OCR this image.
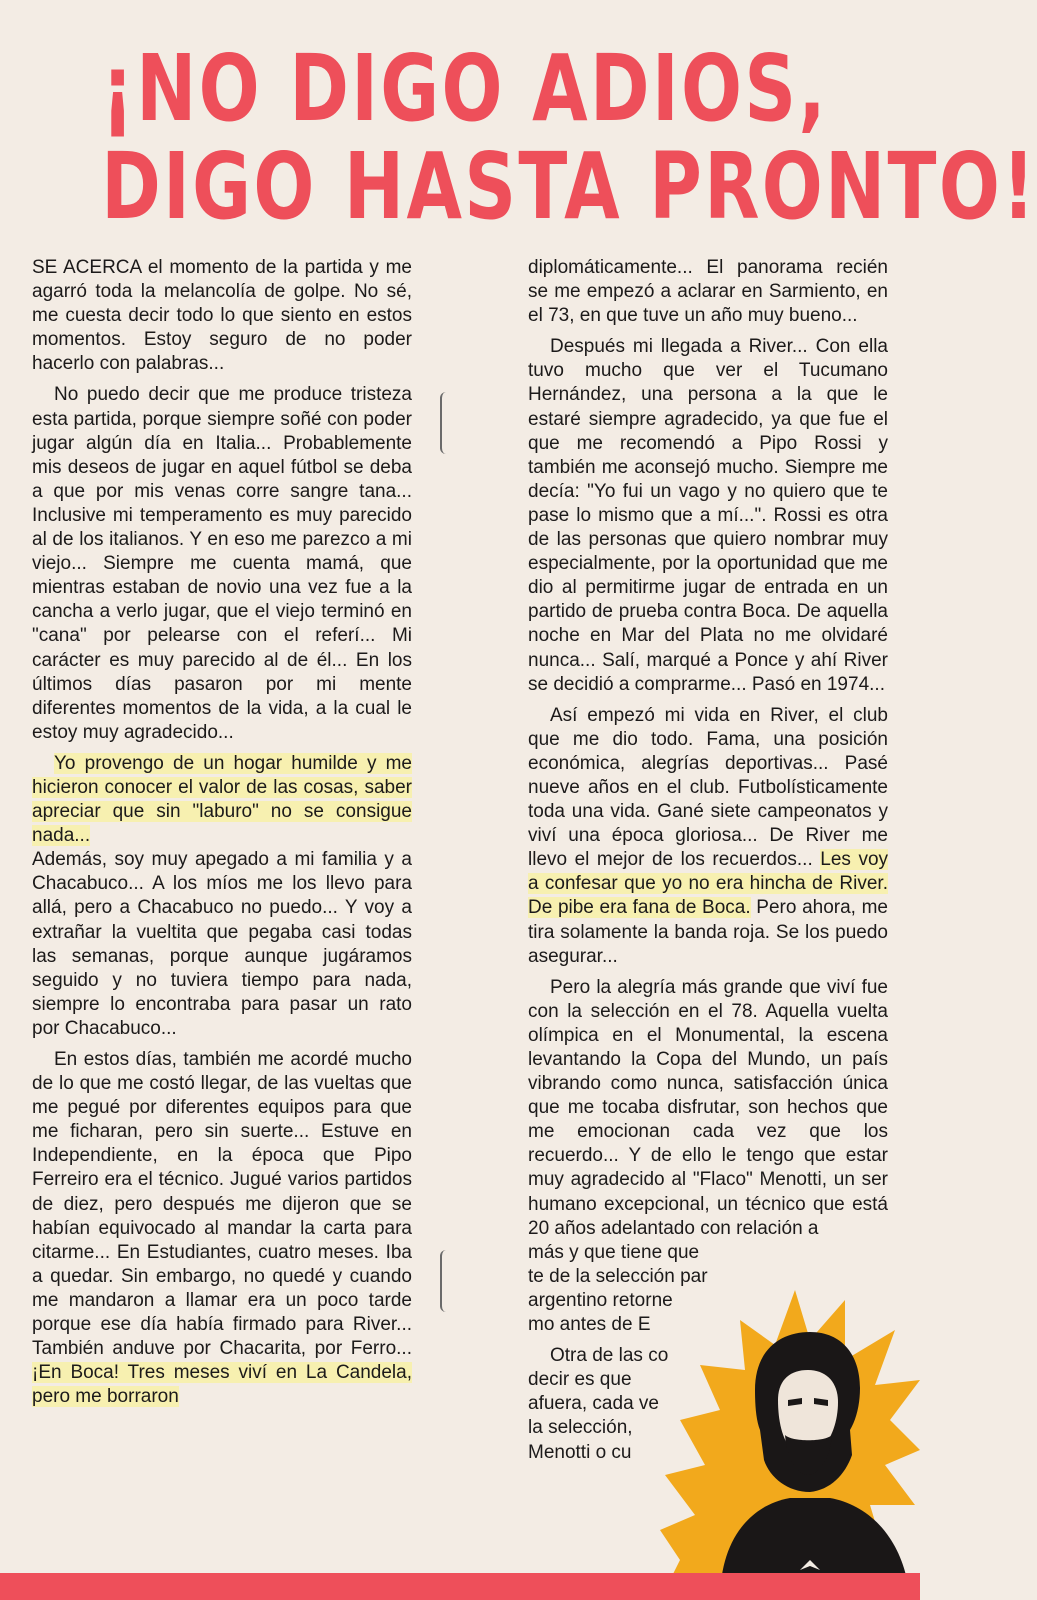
¡NO DIGO ADIOS,
DIGO HASTA PRONTO!

SE ACERCA el momento de la partida y me agarró toda la melancolía de golpe. No sé, me cuesta decir todo lo que siento en estos momentos. Estoy seguro de no poder hacerlo con palabras...

No puedo decir que me produce tristeza esta partida, porque siempre soñé con poder jugar algún día en Italia... Probablemente mis deseos de jugar en aquel fútbol se deba a que por mis venas corre sangre tana... Inclusive mi temperamento es muy parecido al de los italianos. Y en eso me parezco a mi viejo... Siempre me cuenta mamá, que mientras estaban de novio una vez fue a la cancha a verlo jugar, que el viejo terminó en "cana" por pelearse con el referí... Mi carácter es muy parecido al de él... En los últimos días pasaron por mi mente diferentes momentos de la vida, a la cual le estoy muy agradecido...

Yo provengo de un hogar humilde y me hicieron conocer el valor de las cosas, saber apreciar que sin "laburo" no se consigue nada...

Además, soy muy apegado a mi familia y a Chacabuco... A los míos me los llevo para allá, pero a Chacabuco no puedo... Y voy a extrañar la vueltita que pegaba casi todas las semanas, porque aunque jugáramos seguido y no tuviera tiempo para nada, siempre lo encontraba para pasar un rato por Chacabuco...

En estos días, también me acordé mucho de lo que me costó llegar, de las vueltas que me pegué por diferentes equipos para que me ficharan, pero sin suerte... Estuve en Independiente, en la época que Pipo Ferreiro era el técnico. Jugué varios partidos de diez, pero después me dijeron que se habían equivocado al mandar la carta para citarme... En Estudiantes, cuatro meses. Iba a quedar. Sin embargo, no quedé y cuando me mandaron a llamar era un poco tarde porque ese día había firmado para River... También anduve por Chacarita, por Ferro... ¡En Boca! Tres meses viví en La Candela, pero me borraron

diplomáticamente... El panorama recién se me empezó a aclarar en Sarmiento, en el 73, en que tuve un año muy bueno...

Después mi llegada a River... Con ella tuvo mucho que ver el Tucumano Hernández, una persona a la que le estaré siempre agradecido, ya que fue el que me recomendó a Pipo Rossi y también me aconsejó mucho. Siempre me decía: "Yo fui un vago y no quiero que te pase lo mismo que a mí...". Rossi es otra de las personas que quiero nombrar muy especialmente, por la oportunidad que me dio al permitirme jugar de entrada en un partido de prueba contra Boca. De aquella noche en Mar del Plata no me olvidaré nunca... Salí, marqué a Ponce y ahí River se decidió a comprarme... Pasó en 1974...

Así empezó mi vida en River, el club que me dio todo. Fama, una posición económica, alegrías deportivas... Pasé nueve años en el club. Futbolísticamente toda una vida. Gané siete campeonatos y viví una época gloriosa... De River me llevo el mejor de los recuerdos... Les voy a confesar que yo no era hincha de River. De pibe era fana de Boca. Pero ahora, me tira solamente la banda roja. Se los puedo asegurar...

Pero la alegría más grande que viví fue con la selección en el 78. Aquella vuelta olímpica en el Monumental, la escena levantando la Copa del Mundo, un país vibrando como nunca, satisfacción única que me tocaba disfrutar, son hechos que me emocionan cada vez que los recuerdo... Y de ello le tengo que estar muy agradecido al "Flaco" Menotti, un ser humano excepcional, un técnico que está 20 años adelantado con relación a

más y que tiene que
te de la selección par
argentino retorne
mo antes de E
Otra de las co
decir es que
afuera, cada ve
la selección,
Menotti o cu
